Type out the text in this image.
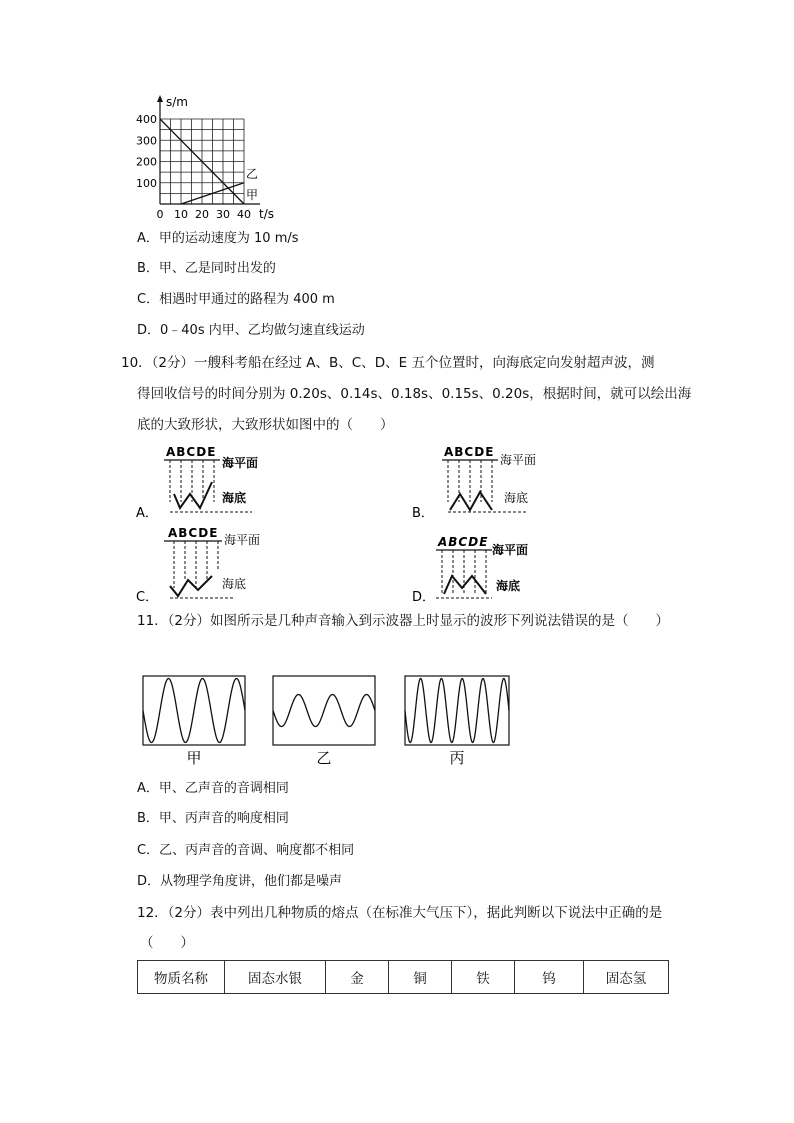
s/m
t/s
400
300
200
100
0 10 20 30 40
乙
甲
A．甲的运动速度为 10 m/s
B．甲、乙是同时出发的
C．相遇时甲通过的路程为 400 m
D．0﹣40s 内甲、乙均做匀速直线运动
10．（2分）一艘科考船在经过 A、B、C、D、E 五个位置时，向海底定向发射超声波，测
得回收信号的时间分别为 0.20s、0.14s、0.18s、0.15s、0.20s，根据时间，就可以绘出海
底的大致形状，大致形状如图中的（　　）
A．
ABCDE
海平面
海底
B．
ABCDE
海平面
海底
C．
ABCDE 海平面
海底
D．
ABCDE
海平面
海底
11．（2分）如图所示是几种声音输入到示波器上时显示的波形下列说法错误的是（　　）
甲	乙	丙
A．甲、乙声音的音调相同
B．甲、丙声音的响度相同
C．乙、丙声音的音调、响度都不相同
D．从物理学角度讲，他们都是噪声
12．（2分）表中列出几种物质的熔点（在标准大气压下），据此判断以下说法中正确的是
（　　）
物质名称	固态水银	金	铜	铁	钨	固态氢
